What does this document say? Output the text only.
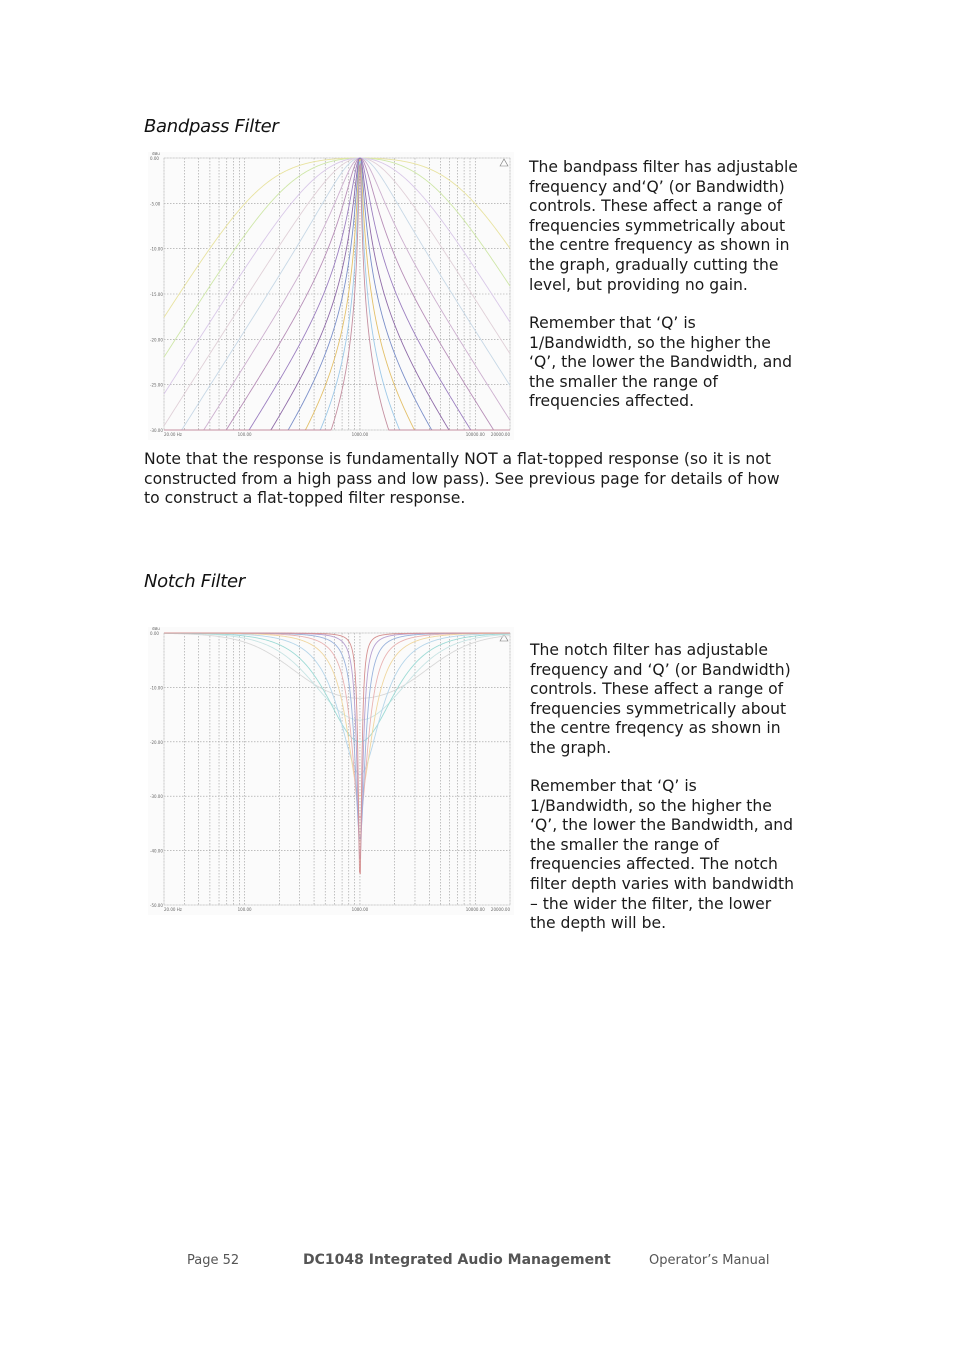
Bandpass Filter
0.00
-5.00
-10.00
-15.00
-20.00
-25.00
-30.00
dBu
20.00 Hz	100.00	1000.00	10000.00 20000.00

The bandpass filter has adjustable
frequency and‘Q’ (or Bandwidth)
controls. These affect a range of
frequencies symmetrically about
the centre frequency as shown in
the graph, gradually cutting the
level, but providing no gain.

Remember that ‘Q’ is
1/Bandwidth, so the higher the
‘Q’, the lower the Bandwidth, and
the smaller the range of
frequencies affected.

Note that the response is fundamentally NOT a flat-topped response (so it is not
constructed from a high pass and low pass). See previous page for details of how
to construct a flat-topped filter response.

Notch Filter
0.00
-10.00
-20.00
-30.00
-40.00
-50.00
dBu
20.00 Hz	100.00	1000.00	10000.00 20000.00

The notch filter has adjustable
frequency and ‘Q’ (or Bandwidth)
controls. These affect a range of
frequencies symmetrically about
the centre freqency as shown in
the graph.

Remember that ‘Q’ is
1/Bandwidth, so the higher the
‘Q’, the lower the Bandwidth, and
the smaller the range of
frequencies affected. The notch
filter depth varies with bandwidth
– the wider the filter, the lower
the depth will be.

Page 52	DC1048 Integrated Audio Management	Operator’s Manual
